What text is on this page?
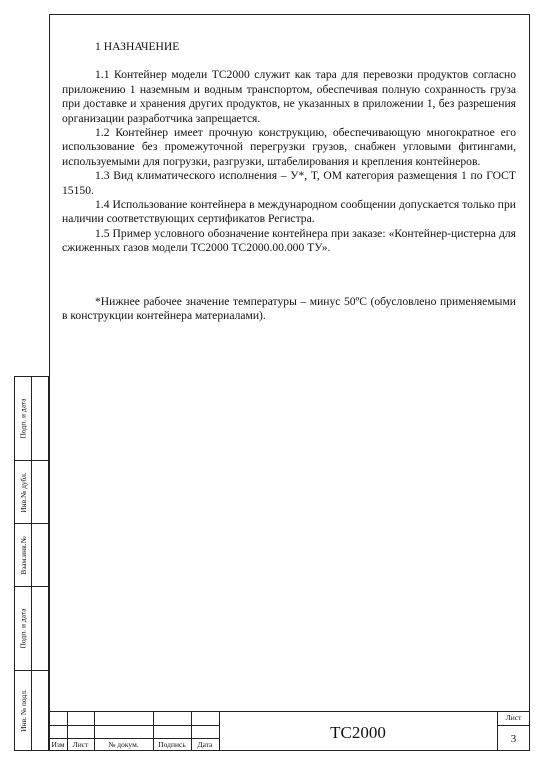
1 НАЗНАЧЕНИЕ

1.1 Контейнер модели ТС2000 служит как тара для перевозки продуктов согласно приложению 1 наземным и водным транспортом, обеспечивая полную сохранность груза при доставке и хранения других продуктов, не указанных в приложении 1, без разрешения организации разработчика запрещается.

1.2 Контейнер имеет прочную конструкцию, обеспечивающую многократное его использование без промежуточной перегрузки грузов, снабжен угловыми фитингами, используемыми для погрузки, разгрузки, штабелирования и крепления контейнеров.

1.3 Вид климатического исполнения – У*, Т, ОМ категория размещения 1 по ГОСТ 15150.

1.4 Использование контейнера в международном сообщении допускается только при наличии соответствующих сертификатов Регистра.

1.5 Пример условного обозначение контейнера при заказе: «Контейнер-цистерна для сжиженных газов модели ТС2000 ТС2000.00.000 ТУ».

*Нижнее рабочее значение температуры – минус 50ºС (обусловлено применяемыми в конструкции контейнера материалами).

Подп. и дата
Инв.№ дубл.
Взам.инв.№
Подп. и дата
Инв. № подл.
Изм	Лист	№ докум.	Подпись	Дата
ТС2000
Лист
3
